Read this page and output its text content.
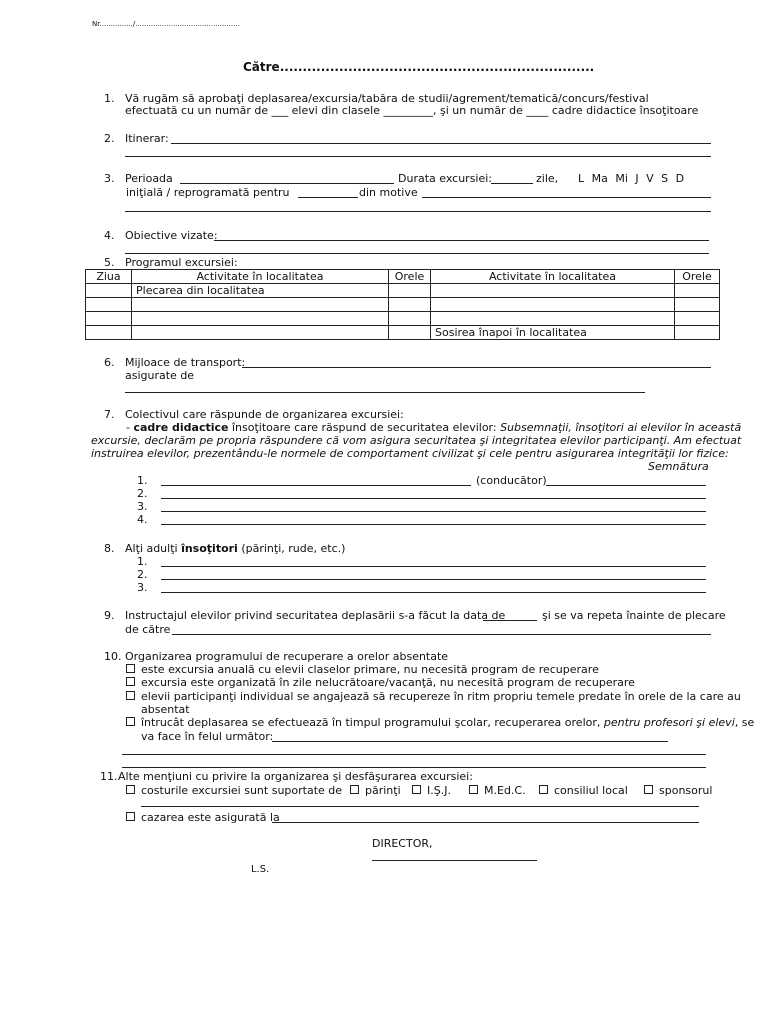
Nr.............../...............................................
Către.....................................................................
1. Vă rugăm să aprobaţi deplasarea/excursia/tabăra de studii/agrement/tematică/concurs/festival
efectuată cu un număr de ___ elevi din clasele _________, şi un număr de ____ cadre didactice însoţitoare
2. Itinerar:
3. Perioada	Durata excursiei:	zile, L Ma Mi J V S D
iniţială / reprogramată pentru	din motive
4. Obiective vizate:
5. Programul excursiei:
Ziua	Activitate în localitatea	Orele	Activitate în localitatea	Orele
	Plecarea din localitatea			

			Sosirea înapoi în localitatea	
6. Mijloace de transport:
asigurate de
7. Colectivul care răspunde de organizarea excursiei:
- cadre didactice însoţitoare care răspund de securitatea elevilor: Subsemnaţii, însoţitori ai elevilor în această
excursie, declarăm pe propria răspundere că vom asigura securitatea şi integritatea elevilor participanţi. Am efectuat
instruirea elevilor, prezentându-le normele de comportament civilizat şi cele pentru asigurarea integrităţii lor fizice:
Semnătura
1.	(conducător)
2.
3.
4.
8. Alţi adulţi însoţitori (părinţi, rude, etc.)
1.
2.
3.
9. Instructajul elevilor privind securitatea deplasării s-a făcut la data de	şi se va repeta înainte de plecare
de către
10. Organizarea programului de recuperare a orelor absentate
este excursia anuală cu elevii claselor primare, nu necesită program de recuperare
excursia este organizată în zile nelucrătoare/vacanţă, nu necesită program de recuperare
elevii participanţi individual se angajează să recupereze în ritm propriu temele predate în orele de la care au
absentat
întrucât deplasarea se efectuează în timpul programului şcolar, recuperarea orelor, pentru profesori şi elevi, se
va face în felul următor:
11. Alte menţiuni cu privire la organizarea şi desfăşurarea excursiei:
costurile excursiei sunt suportate de	părinţi	I.Ş.J.	M.Ed.C.	consiliul local	sponsorul
cazarea este asigurată la
DIRECTOR,
L.S.
